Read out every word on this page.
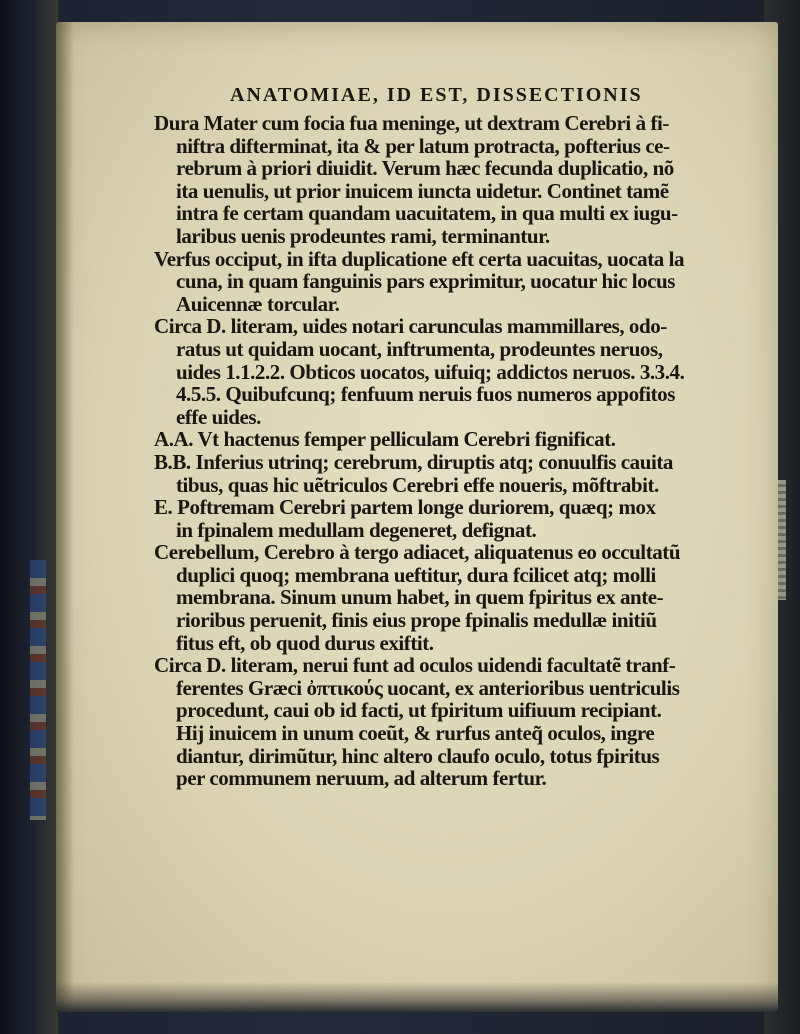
ANATOMIAE, ID EST, DISSECTIONIS
Dura Mater cum focia fua meninge, ut dextram Cerebri à fi-
niftra difterminat, ita & per latum protracta, pofterius ce-
rebrum à priori diuidit. Verum hæc fecunda duplicatio, nõ
ita uenulis, ut prior inuicem iuncta uidetur. Continet tamẽ
intra fe certam quandam uacuitatem, in qua multi ex iugu-
laribus uenis prodeuntes rami, terminantur.
Verfus occiput, in ifta duplicatione eft certa uacuitas, uocata la
cuna, in quam fanguinis pars exprimitur, uocatur hic locus
Auicennæ torcular.
Circa D. literam, uides notari carunculas mammillares, odo-
ratus ut quidam uocant, inftrumenta, prodeuntes neruos,
uides 1.1.2.2. Obticos uocatos, uifuiq; addictos neruos. 3.3.4.
4.5.5. Quibufcunq; fenfuum neruis fuos numeros appofitos
effe uides.
A.A. Vt hactenus femper pelliculam Cerebri fignificat.
B.B. Inferius utrinq; cerebrum, diruptis atq; conuulfis cauita
tibus, quas hic uẽtriculos Cerebri effe noueris, mõftrabit.
E. Poftremam Cerebri partem longe duriorem, quæq; mox
in fpinalem medullam degeneret, defignat.
Cerebellum, Cerebro à tergo adiacet, aliquatenus eo occultatũ
duplici quoq; membrana ueftitur, dura fcilicet atq; molli
membrana. Sinum unum habet, in quem fpiritus ex ante-
rioribus peruenit, finis eius prope fpinalis medullæ initiũ
fitus eft, ob quod durus exiftit.
Circa D. literam, nerui funt ad oculos uidendi facultatẽ tranf-
ferentes Græci ὀπτικούς uocant, ex anterioribus uentriculis
procedunt, caui ob id facti, ut fpiritum uifiuum recipiant.
Hij inuicem in unum coeũt, & rurfus anteq̃ oculos, ingre
diantur, dirimũtur, hinc altero claufo oculo, totus fpiritus
per communem neruum, ad alterum fertur.
